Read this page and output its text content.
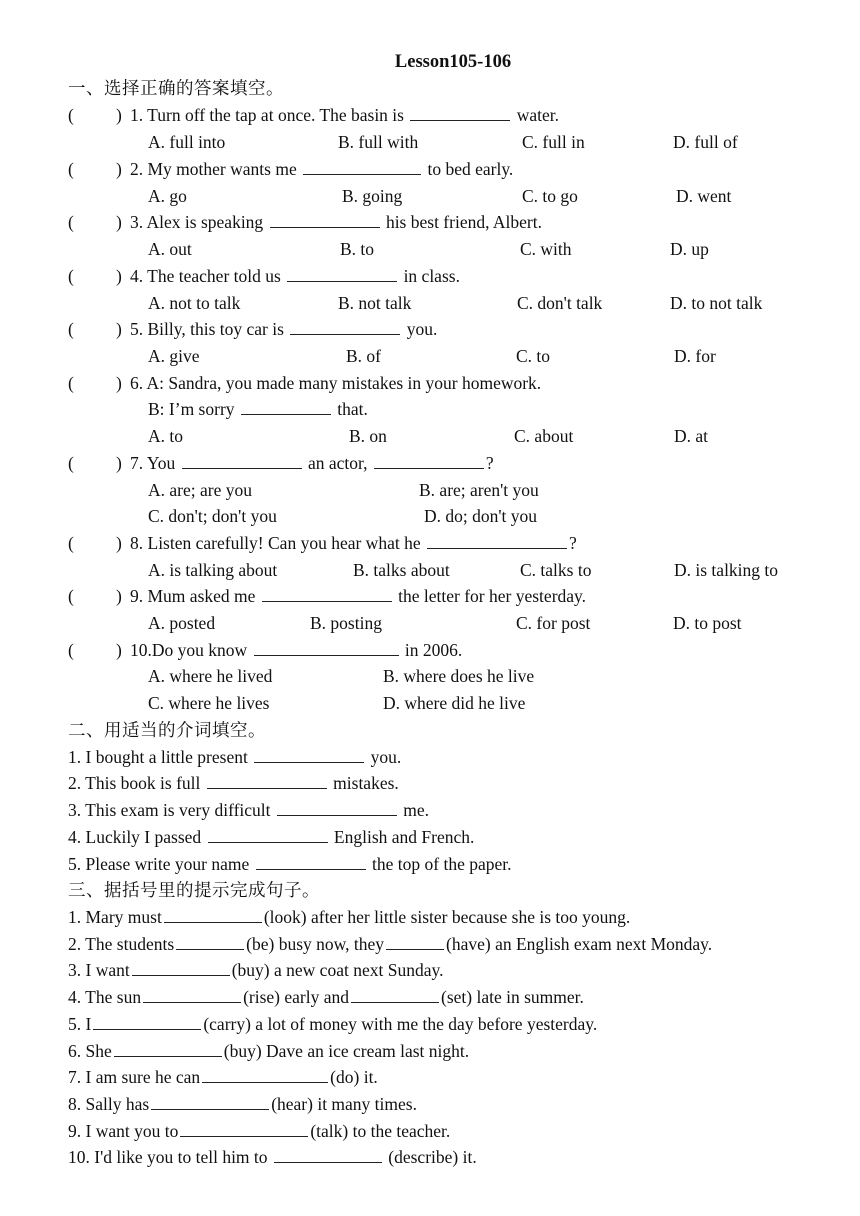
Lesson105-106
一、选择正确的答案填空。
( ) 1. Turn off the tap at once. The basin is	water.
A. full into	B. full with	C. full in	D. full of
( ) 2. My mother wants me	to bed early.
A. go	B. going	C. to go	D. went
( ) 3. Alex is speaking	his best friend, Albert.
A. out	B. to	C. with	D. up
( ) 4. The teacher told us	in class.
A. not to talk	B. not talk	C. don't talk	D. to not talk
( ) 5. Billy, this toy car is	you.
A. give	B. of	C. to	D. for
( ) 6. A: Sandra, you made many mistakes in your homework.
B: I’m sorry	that.
A. to	B. on	C. about	D. at
( ) 7. You	an actor,	?
A. are; are you	B. are; aren't you
C. don't; don't you	D. do; don't you
( ) 8. Listen carefully! Can you hear what he	?
A. is talking about	B. talks about	C. talks to	D. is talking to
( ) 9. Mum asked me	the letter for her yesterday.
A. posted	B. posting	C. for post	D. to post
( ) 10.Do you know	in 2006.
A. where he lived	B. where does he live
C. where he lives	D. where did he live
二、用适当的介词填空。
1. I bought a little present	you.
2. This book is full	mistakes.
3. This exam is very difficult	me.
4. Luckily I passed	English and French.
5. Please write your name	the top of the paper.
三、据括号里的提示完成句子。
1. Mary must	(look) after her little sister because she is too young.
2. The students	(be) busy now, they	(have) an English exam next Monday.
3. I want	(buy) a new coat next Sunday.
4. The sun	(rise) early and	(set) late in summer.
5. I	(carry) a lot of money with me the day before yesterday.
6. She	(buy) Dave an ice cream last night.
7. I am sure he can	(do) it.
8. Sally has	(hear) it many times.
9. I want you to	(talk) to the teacher.
10. I'd like you to tell him to	(describe) it.
